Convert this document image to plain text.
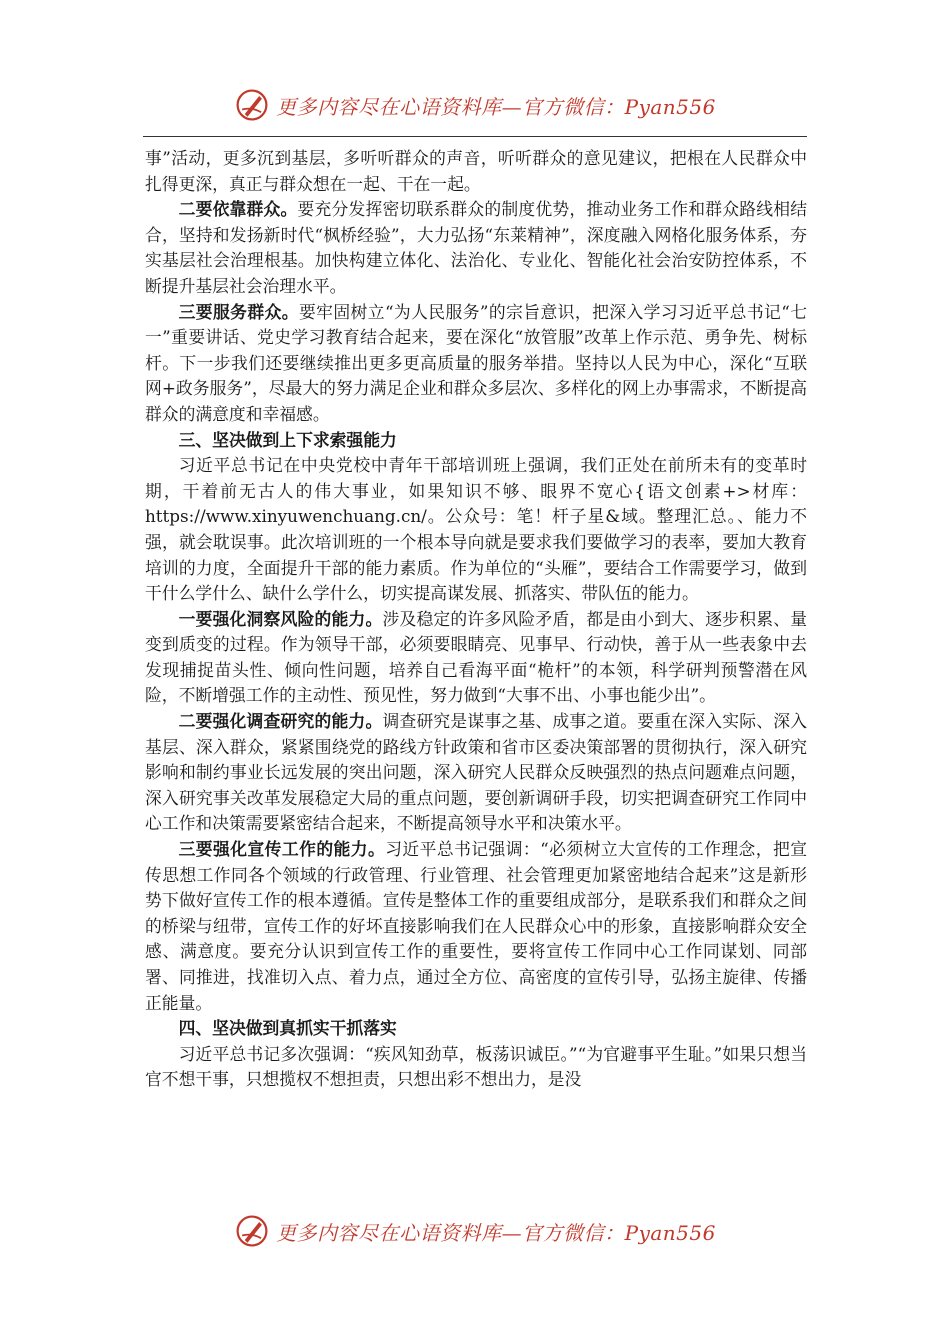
更多内容尽在心语资料库—官方微信：Pyan556

事”活动，更多沉到基层，多听听群众的声音，听听群众的意见建议，把根在人民群众中扎得更深，真正与群众想在一起、干在一起。

二要依靠群众。要充分发挥密切联系群众的制度优势，推动业务工作和群众路线相结合，坚持和发扬新时代“枫桥经验”，大力弘扬“东莱精神”，深度融入网格化服务体系，夯实基层社会治理根基。加快构建立体化、法治化、专业化、智能化社会治安防控体系，不断提升基层社会治理水平。

三要服务群众。要牢固树立“为人民服务”的宗旨意识，把深入学习习近平总书记“七一”重要讲话、党史学习教育结合起来，要在深化“放管服”改革上作示范、勇争先、树标杆。下一步我们还要继续推出更多更高质量的服务举措。坚持以人民为中心，深化“互联网+政务服务”，尽最大的努力满足企业和群众多层次、多样化的网上办事需求，不断提高群众的满意度和幸福感。

三、坚决做到上下求索强能力

习近平总书记在中央党校中青年干部培训班上强调，我们正处在前所未有的变革时期，干着前无古人的伟大事业，如果知识不够、眼界不宽心{语文创素+>材库：https://www.xinyuwenchuang.cn/。公众号：笔！杆子星&域。整理汇总。、能力不强，就会耽误事。此次培训班的一个根本导向就是要求我们要做学习的表率，要加大教育培训的力度，全面提升干部的能力素质。作为单位的“头雁”，要结合工作需要学习，做到干什么学什么、缺什么学什么，切实提高谋发展、抓落实、带队伍的能力。

一要强化洞察风险的能力。涉及稳定的许多风险矛盾，都是由小到大、逐步积累、量变到质变的过程。作为领导干部，必须要眼睛亮、见事早、行动快，善于从一些表象中去发现捕捉苗头性、倾向性问题，培养自己看海平面“桅杆”的本领，科学研判预警潜在风险，不断增强工作的主动性、预见性，努力做到“大事不出、小事也能少出”。

二要强化调查研究的能力。调查研究是谋事之基、成事之道。要重在深入实际、深入基层、深入群众，紧紧围绕党的路线方针政策和省市区委决策部署的贯彻执行，深入研究影响和制约事业长远发展的突出问题，深入研究人民群众反映强烈的热点问题难点问题，深入研究事关改革发展稳定大局的重点问题，要创新调研手段，切实把调查研究工作同中心工作和决策需要紧密结合起来，不断提高领导水平和决策水平。

三要强化宣传工作的能力。习近平总书记强调：“必须树立大宣传的工作理念，把宣传思想工作同各个领域的行政管理、行业管理、社会管理更加紧密地结合起来”这是新形势下做好宣传工作的根本遵循。宣传是整体工作的重要组成部分，是联系我们和群众之间的桥梁与纽带，宣传工作的好坏直接影响我们在人民群众心中的形象，直接影响群众安全感、满意度。要充分认识到宣传工作的重要性，要将宣传工作同中心工作同谋划、同部署、同推进，找准切入点、着力点，通过全方位、高密度的宣传引导，弘扬主旋律、传播正能量。

四、坚决做到真抓实干抓落实

习近平总书记多次强调：“疾风知劲草，板荡识诚臣。”“为官避事平生耻。”如果只想当官不想干事，只想揽权不想担责，只想出彩不想出力，是没

更多内容尽在心语资料库—官方微信：Pyan556
